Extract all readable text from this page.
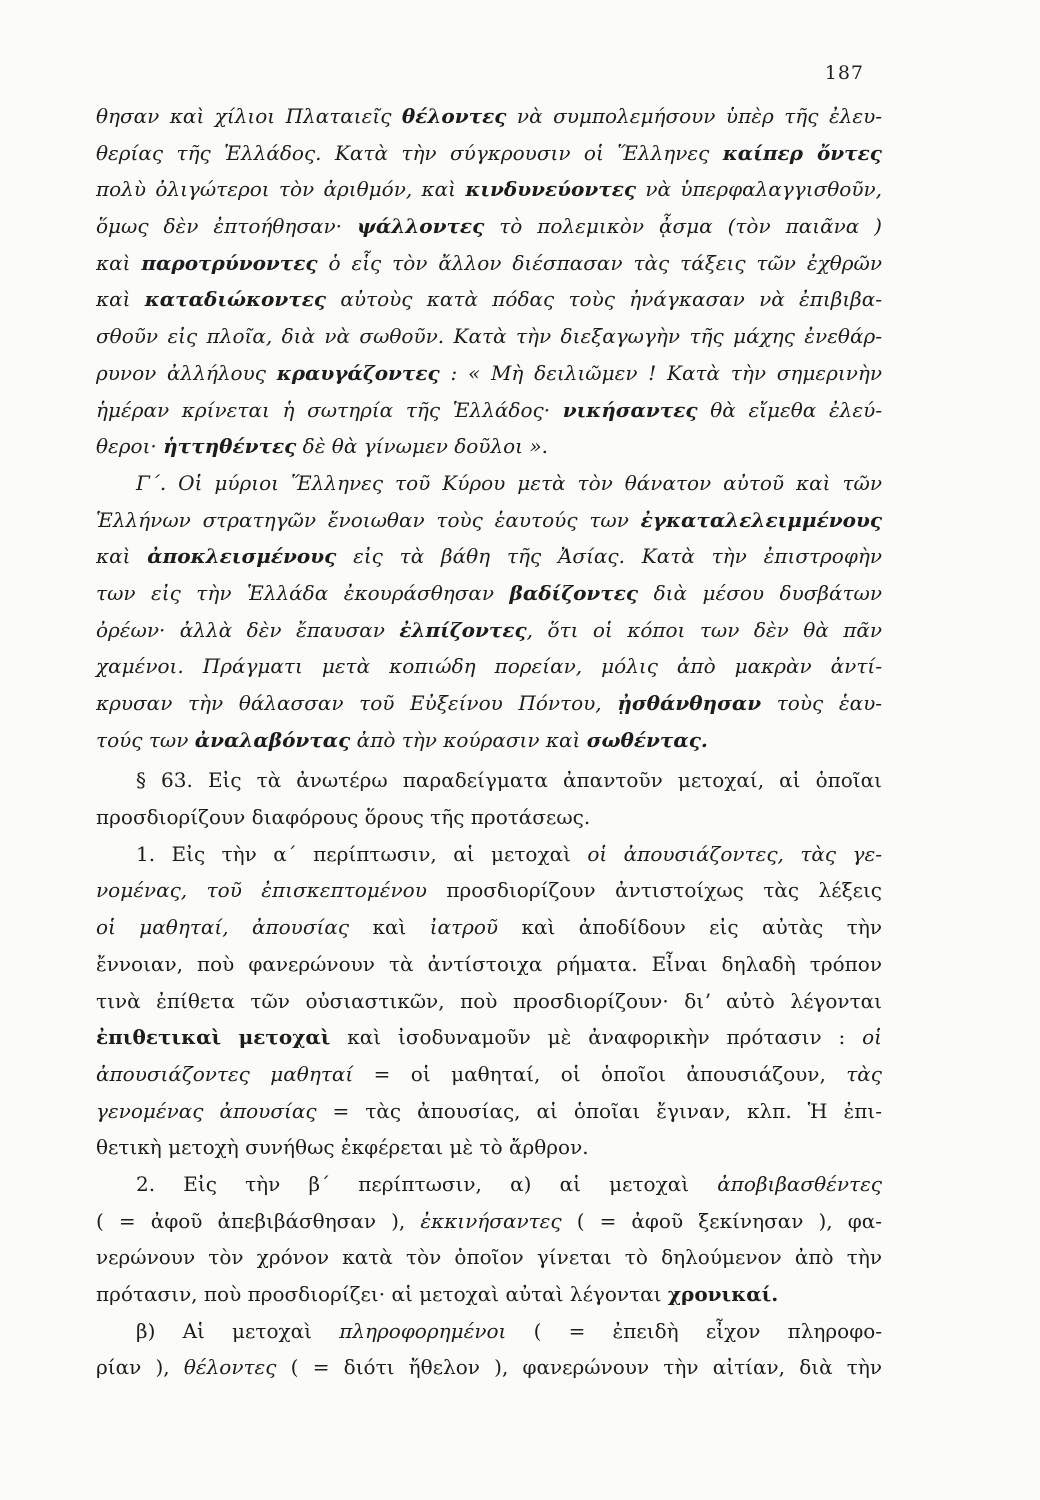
187
θησαν καὶ χίλιοι Πλαταιεῖς θέλοντες νὰ συμπολεμήσουν ὑπὲρ τῆς ἐλευ-
θερίας τῆς Ἑλλάδος. Κατὰ τὴν σύγκρουσιν οἱ Ἕλληνες καίπερ ὄντες
πολὺ ὀλιγώτεροι τὸν ἀριθμόν, καὶ κινδυνεύοντες νὰ ὑπερφαλαγγισθοῦν,
ὅμως δὲν ἐπτοήθησαν· ψάλλοντες τὸ πολεμικὸν ᾆσμα (τὸν παιᾶνα )
καὶ παροτρύνοντες ὁ εἷς τὸν ἄλλον διέσπασαν τὰς τάξεις τῶν ἐχθρῶν
καὶ καταδιώκοντες αὐτοὺς κατὰ πόδας τοὺς ἠνάγκασαν νὰ ἐπιβιβα-
σθοῦν εἰς πλοῖα, διὰ νὰ σωθοῦν. Κατὰ τὴν διεξαγωγὴν τῆς μάχης ἐνεθάρ-
ρυνον ἀλλήλους κραυγάζοντες : « Μὴ δειλιῶμεν ! Κατὰ τὴν σημερινὴν
ἡμέραν κρίνεται ἡ σωτηρία τῆς Ἑλλάδος· νικήσαντες θὰ εἴμεθα ἐλεύ-
θεροι· ἡττηθέντες δὲ θὰ γίνωμεν δοῦλοι ».
Γ΄. Οἱ μύριοι Ἕλληνες τοῦ Κύρου μετὰ τὸν θάνατον αὐτοῦ καὶ τῶν
Ἑλλήνων στρατηγῶν ἔνοιωθαν τοὺς ἑαυτούς των ἐγκαταλελειμμένους
καὶ ἀποκλεισμένους εἰς τὰ βάθη τῆς Ἀσίας. Κατὰ τὴν ἐπιστροφὴν
των εἰς τὴν Ἑλλάδα ἐκουράσθησαν βαδίζοντες διὰ μέσου δυσβάτων
ὀρέων· ἀλλὰ δὲν ἔπαυσαν ἐλπίζοντες, ὅτι οἱ κόποι των δὲν θὰ πᾶν
χαμένοι. Πράγματι μετὰ κοπιώδη πορείαν, μόλις ἀπὸ μακρὰν ἀντί-
κρυσαν τὴν θάλασσαν τοῦ Εὐξείνου Πόντου, ᾐσθάνθησαν τοὺς ἑαυ-
τούς των ἀναλαβόντας ἀπὸ τὴν κούρασιν καὶ σωθέντας.
§ 63. Εἰς τὰ ἀνωτέρω παραδείγματα ἀπαντοῦν μετοχαί, αἱ ὁποῖαι
προσδιορίζουν διαφόρους ὅρους τῆς προτάσεως.
1. Εἰς τὴν α΄ περίπτωσιν, αἱ μετοχαὶ οἱ ἀπουσιάζοντες, τὰς γε-
νομένας, τοῦ ἐπισκεπτομένου προσδιορίζουν ἀντιστοίχως τὰς λέξεις
οἱ μαθηταί, ἀπουσίας καὶ ἰατροῦ καὶ ἀποδίδουν εἰς αὐτὰς τὴν
ἔννοιαν, ποὺ φανερώνουν τὰ ἀντίστοιχα ρήματα. Εἶναι δηλαδὴ τρόπον
τινὰ ἐπίθετα τῶν οὐσιαστικῶν, ποὺ προσδιορίζουν· διʼ αὐτὸ λέγονται
ἐπιθετικαὶ μετοχαὶ καὶ ἰσοδυναμοῦν μὲ ἀναφορικὴν πρότασιν : οἱ
ἀπουσιάζοντες μαθηταί = οἱ μαθηταί, οἱ ὁποῖοι ἀπουσιάζουν, τὰς
γενομένας ἀπουσίας = τὰς ἀπουσίας, αἱ ὁποῖαι ἔγιναν, κλπ. Ἡ ἐπι-
θετικὴ μετοχὴ συνήθως ἐκφέρεται μὲ τὸ ἄρθρον.
2. Εἰς τὴν β΄ περίπτωσιν, α) αἱ μετοχαὶ ἀποβιβασθέντες
( = ἀφοῦ ἀπεβιβάσθησαν ), ἐκκινήσαντες ( = ἀφοῦ ξεκίνησαν ), φα-
νερώνουν τὸν χρόνον κατὰ τὸν ὁποῖον γίνεται τὸ δηλούμενον ἀπὸ τὴν
πρότασιν, ποὺ προσδιορίζει· αἱ μετοχαὶ αὐταὶ λέγονται χρονικαί.
β) Αἱ μετοχαὶ πληροφορημένοι ( = ἐπειδὴ εἶχον πληροφο-
ρίαν ), θέλοντες ( = διότι ἤθελον ), φανερώνουν τὴν αἰτίαν, διὰ τὴν
